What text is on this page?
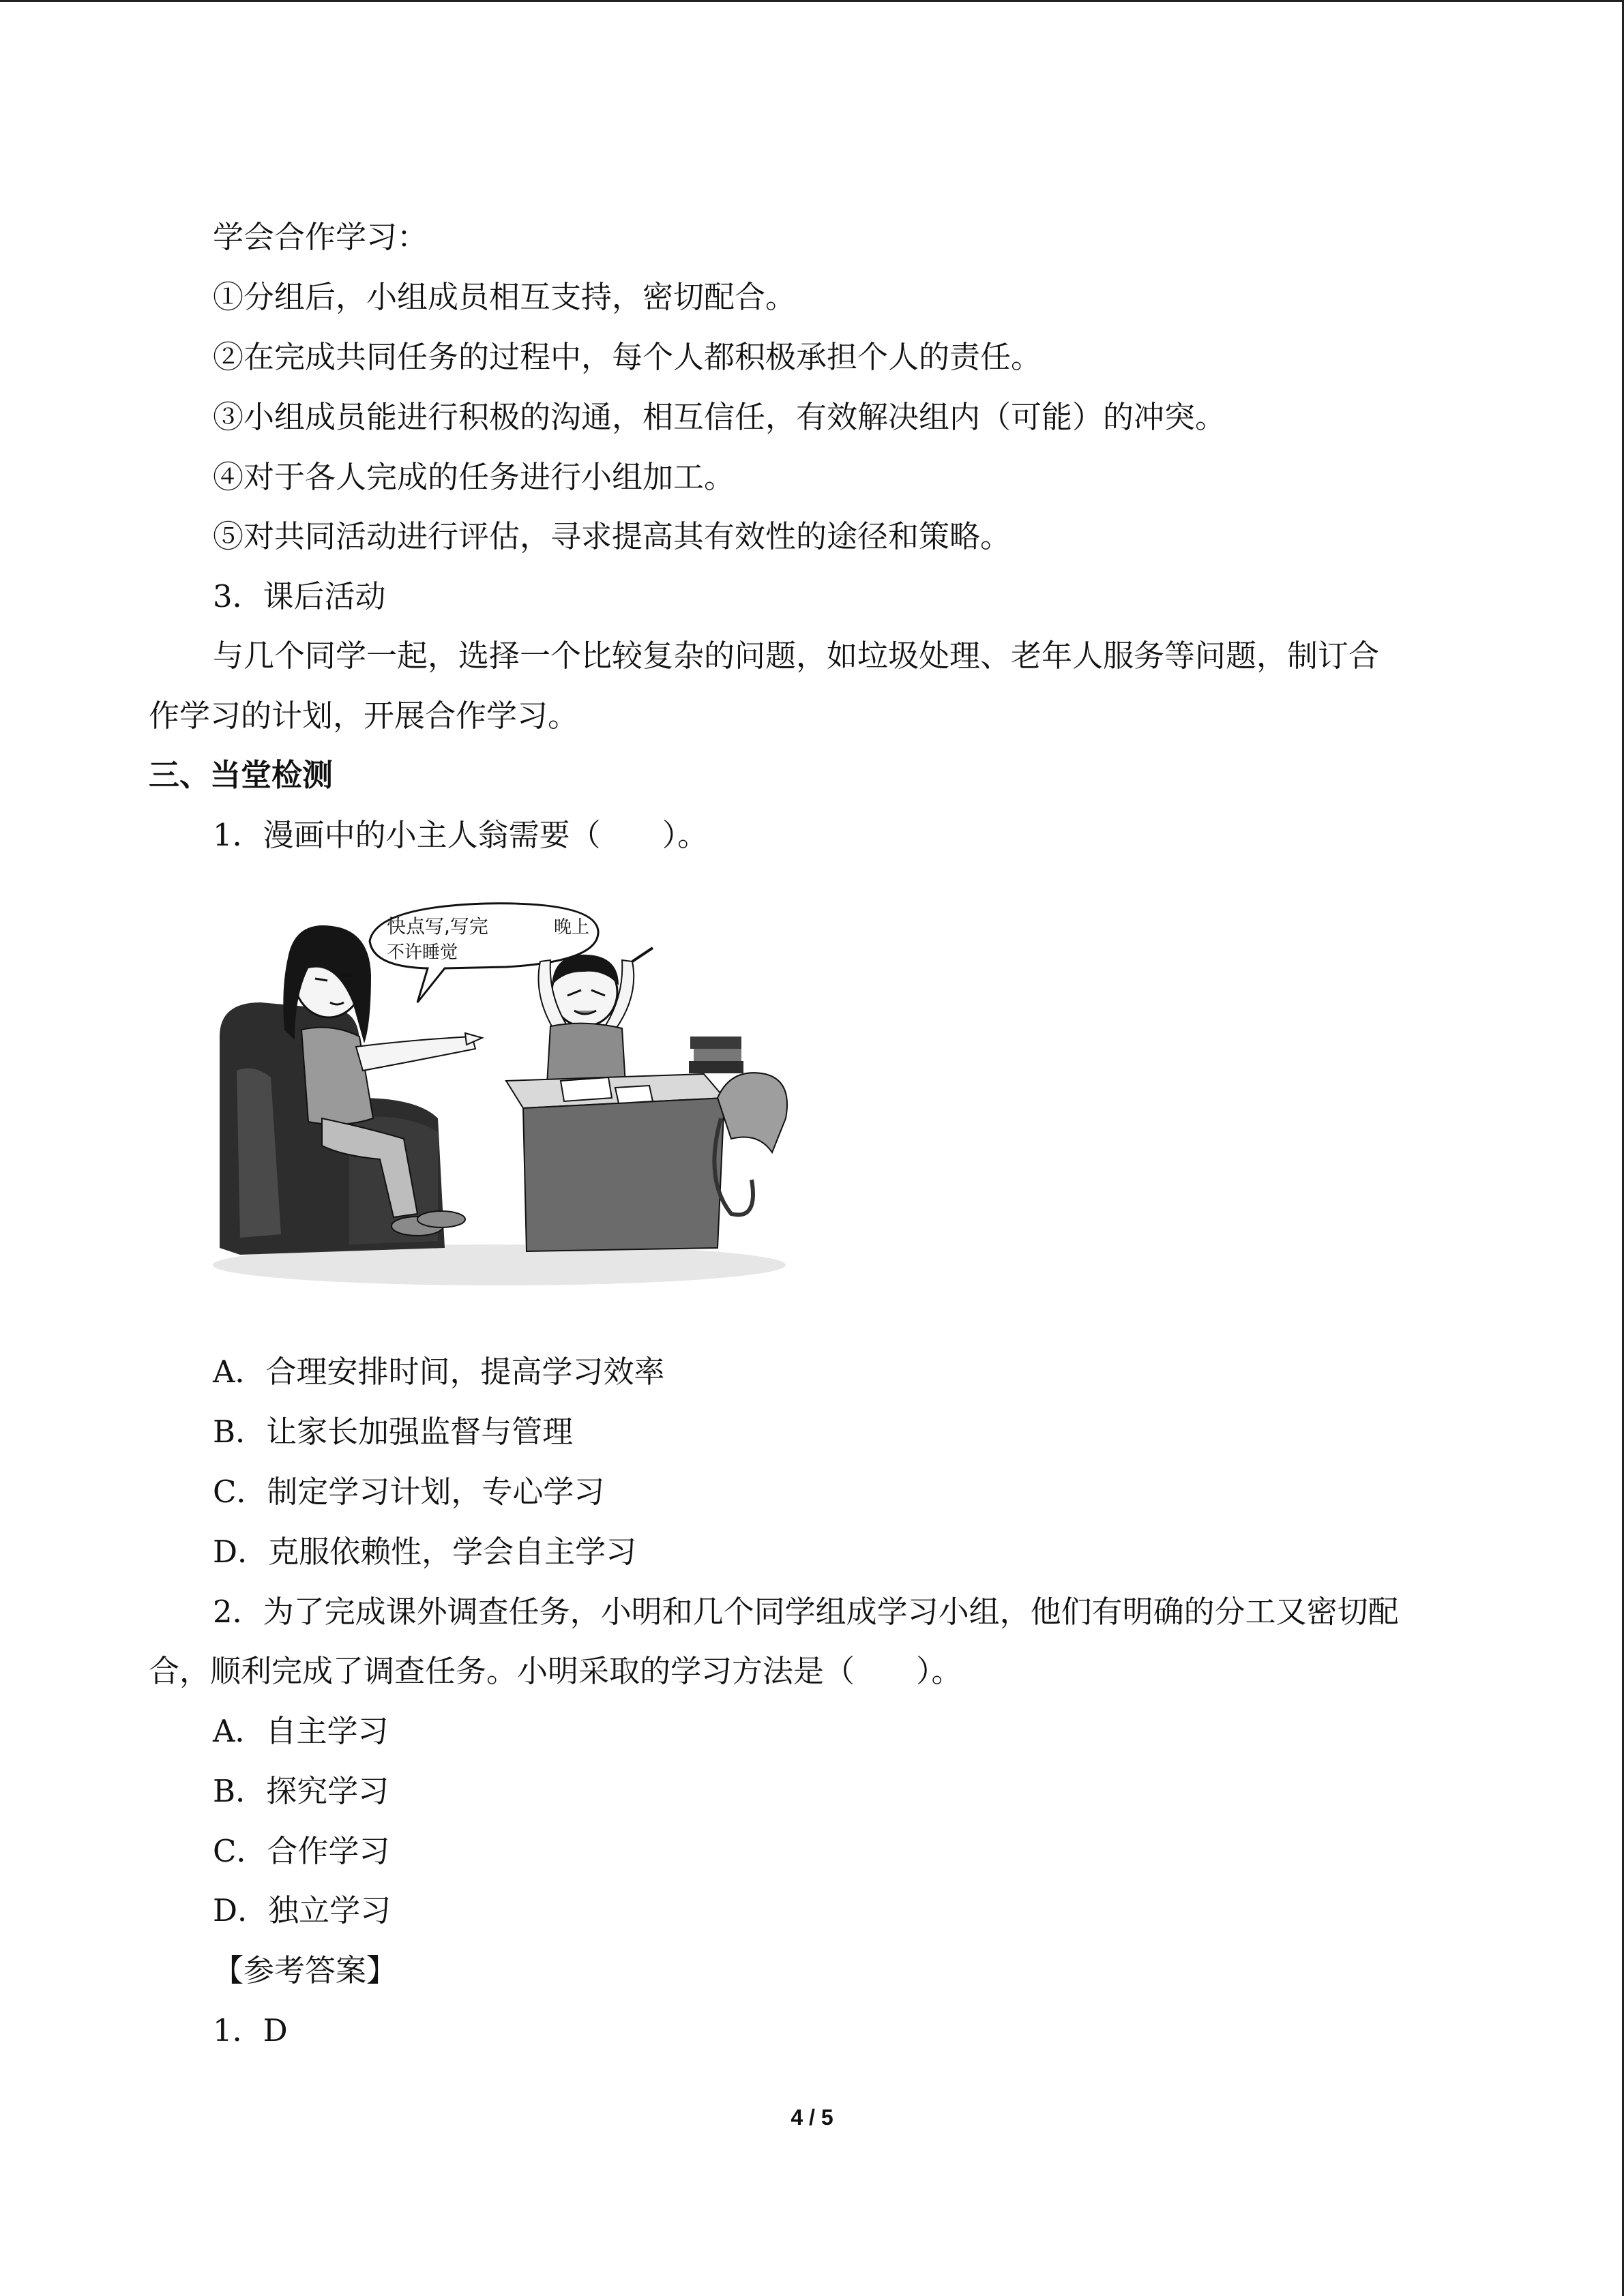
学会合作学习：

①分组后，小组成员相互支持，密切配合。

②在完成共同任务的过程中，每个人都积极承担个人的责任。

③小组成员能进行积极的沟通，相互信任，有效解决组内（可能）的冲突。

④对于各人完成的任务进行小组加工。

⑤对共同活动进行评估，寻求提高其有效性的途径和策略。

3．课后活动

与几个同学一起，选择一个比较复杂的问题，如垃圾处理、老年人服务等问题，制订合

作学习的计划，开展合作学习。

三、当堂检测

1．漫画中的小主人翁需要（　　）。

快点写,写完	晚上
不许睡觉

A．合理安排时间，提高学习效率

B．让家长加强监督与管理

C．制定学习计划，专心学习

D．克服依赖性，学会自主学习

2．为了完成课外调查任务，小明和几个同学组成学习小组，他们有明确的分工又密切配

合，顺利完成了调查任务。小明采取的学习方法是（　　）。

A．自主学习

B．探究学习

C．合作学习

D．独立学习

【参考答案】

1．D

4 / 5
